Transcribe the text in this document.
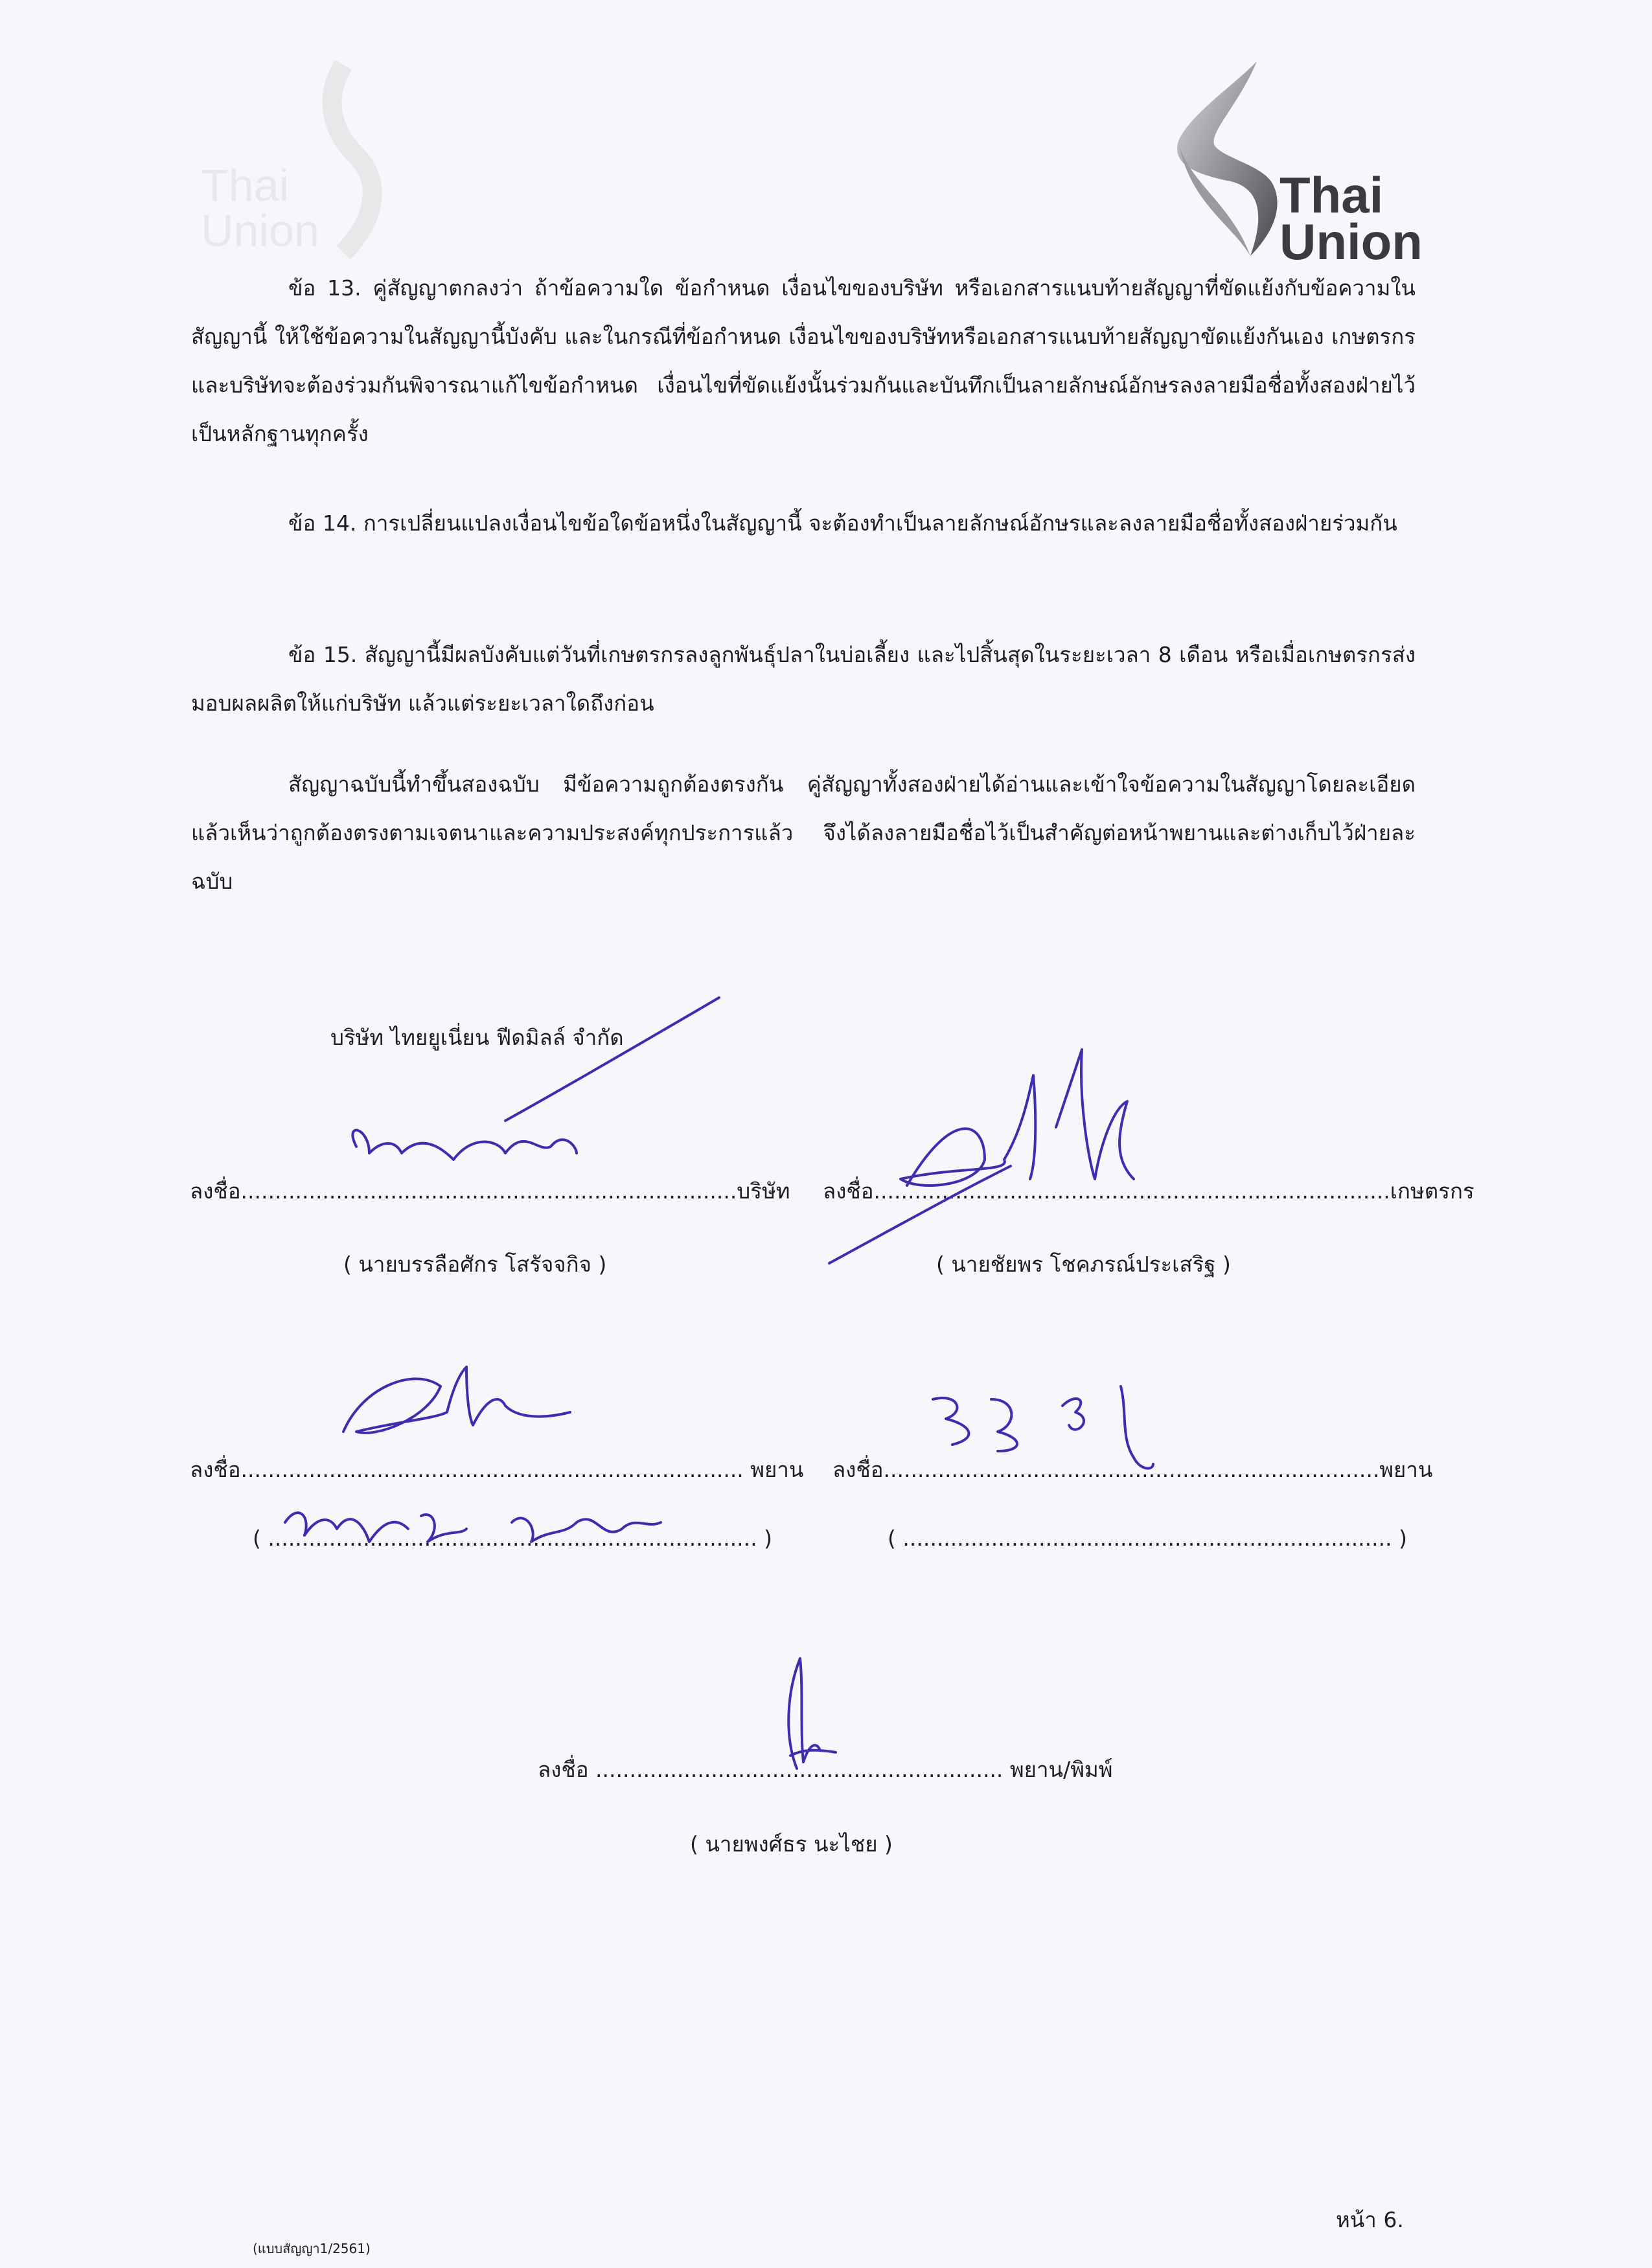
Thai
Union
Thai
Union
ข้อ 13. คู่สัญญาตกลงว่า ถ้าข้อความใด ข้อกำหนด เงื่อนไขของบริษัท หรือเอกสารแนบท้ายสัญญาที่ขัดแย้งกับข้อความในสัญญานี้ ให้ใช้ข้อความในสัญญานี้บังคับ และในกรณีที่ข้อกำหนด เงื่อนไขของบริษัทหรือเอกสารแนบท้ายสัญญาขัดแย้งกันเอง เกษตรกรและบริษัทจะต้องร่วมกันพิจารณาแก้ไขข้อกำหนด เงื่อนไขที่ขัดแย้งนั้นร่วมกันและบันทึกเป็นลายลักษณ์อักษรลงลายมือชื่อทั้งสองฝ่ายไว้เป็นหลักฐานทุกครั้ง
ข้อ 14. การเปลี่ยนแปลงเงื่อนไขข้อใดข้อหนึ่งในสัญญานี้ จะต้องทำเป็นลายลักษณ์อักษรและลงลายมือชื่อทั้งสองฝ่ายร่วมกัน
ข้อ 15. สัญญานี้มีผลบังคับแต่วันที่เกษตรกรลงลูกพันธุ์ปลาในบ่อเลี้ยง และไปสิ้นสุดในระยะเวลา 8 เดือน หรือเมื่อเกษตรกรส่งมอบผลผลิตให้แก่บริษัท แล้วแต่ระยะเวลาใดถึงก่อน
สัญญาฉบับนี้ทำขึ้นสองฉบับ มีข้อความถูกต้องตรงกัน คู่สัญญาทั้งสองฝ่ายได้อ่านและเข้าใจข้อความในสัญญาโดยละเอียดแล้วเห็นว่าถูกต้องตรงตามเจตนาและความประสงค์ทุกประการแล้ว จึงได้ลงลายมือชื่อไว้เป็นสำคัญต่อหน้าพยานและต่างเก็บไว้ฝ่ายละฉบับ
บริษัท ไทยยูเนี่ยน ฟีดมิลล์ จำกัด
ลงชื่อ.........................................................................บริษัท ลงชื่อ............................................................................เกษตรกร
( นายบรรลือศักร โสรัจจกิจ )	( นายชัยพร โชคภรณ์ประเสริฐ )
ลงชื่อ.......................................................................... พยาน ลงชื่อ.........................................................................พยาน
( ........................................................................ )	( ........................................................................ )
ลงชื่อ ............................................................ พยาน/พิมพ์
( นายพงศ์ธร นะไชย )
(แบบสัญญา1/2561)
หน้า 6.
